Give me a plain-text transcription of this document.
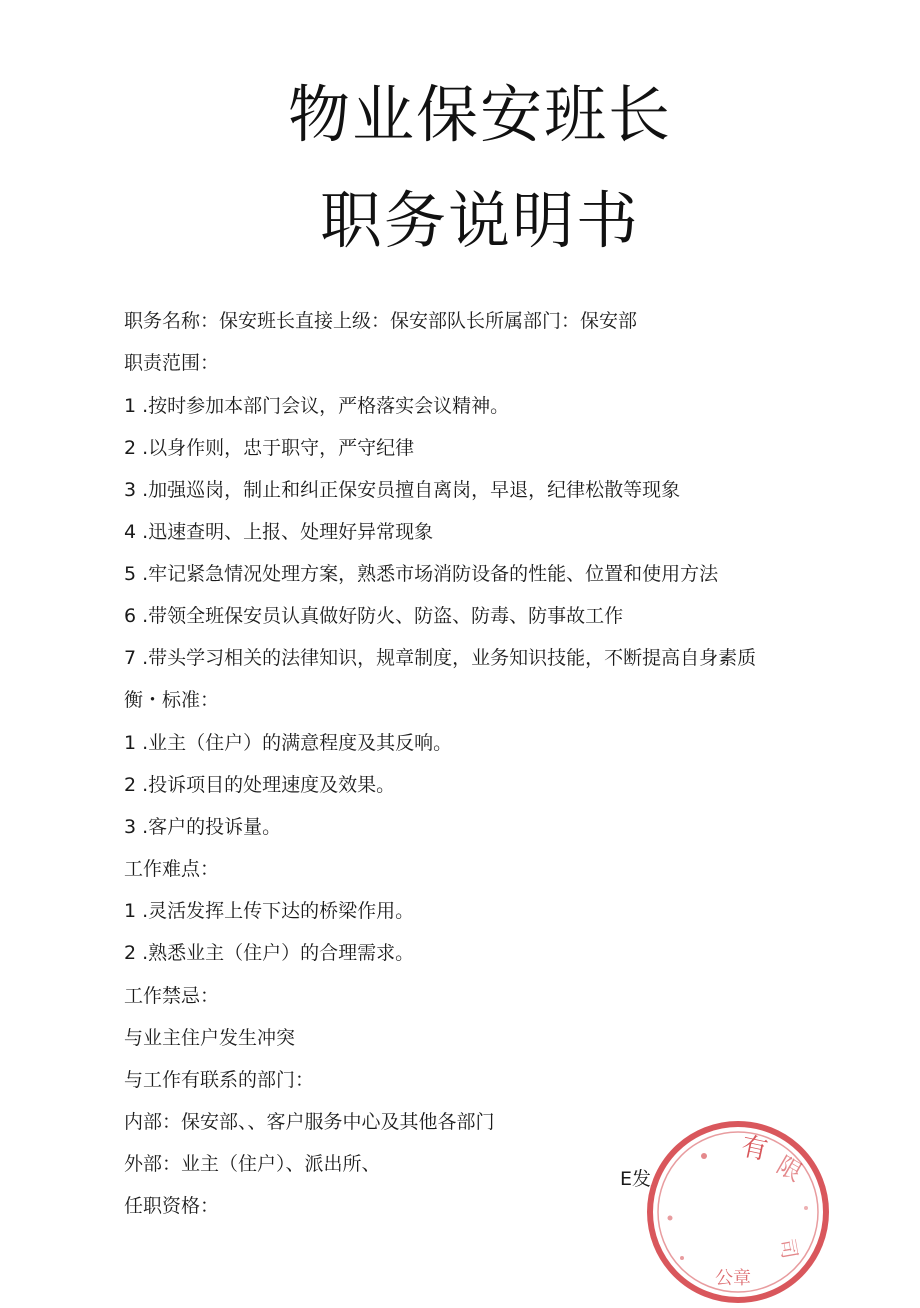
物业保安班长
职务说明书
职务名称：保安班长直接上级：保安部队长所属部门：保安部
职责范围：
1 .按时参加本部门会议，严格落实会议精神。
2 .以身作则，忠于职守，严守纪律
3 .加强巡岗，制止和纠正保安员擅自离岗，早退，纪律松散等现象
4 .迅速查明、上报、处理好异常现象
5 .牢记紧急情况处理方案，熟悉市场消防设备的性能、位置和使用方法
6 .带领全班保安员认真做好防火、防盗、防毒、防事故工作
7 .带头学习相关的法律知识，规章制度，业务知识技能，不断提高自身素质
衡・标准：
1 .业主（住户）的满意程度及其反响。
2 .投诉项目的处理速度及效果。
3 .客户的投诉量。
工作难点：
1 .灵活发挥上传下达的桥梁作用。
2 .熟悉业主（住户）的合理需求。
工作禁忌：
与业主住户发生冲突
与工作有联系的部门：
内部：保安部、、客户服务中心及其他各部门
外部：业主（住户）、派出所、
任职资格：
E发
有
限
司
公章
